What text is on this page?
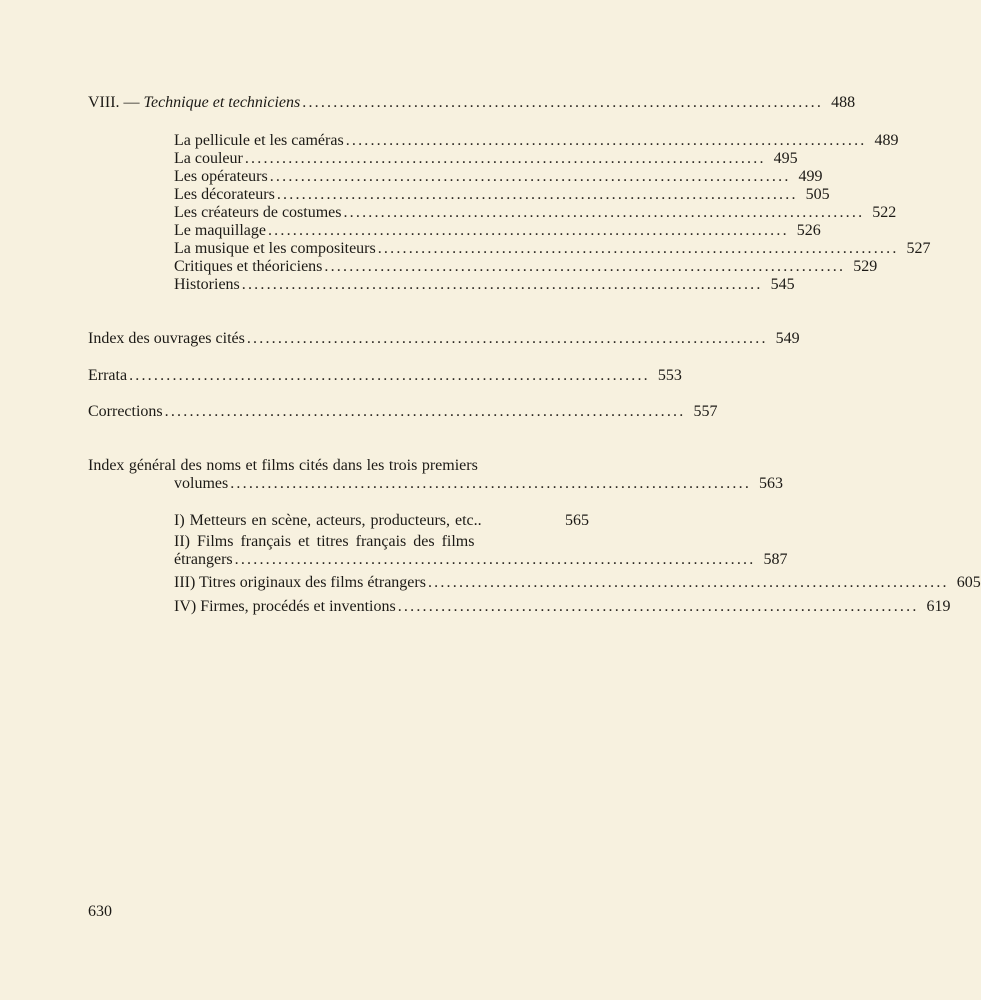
VIII. — Technique et techniciens .................................................................................... 488
La pellicule et les caméras .................................................................................... 489
La couleur .................................................................................... 495
Les opérateurs .................................................................................... 499
Les décorateurs .................................................................................... 505
Les créateurs de costumes .................................................................................... 522
Le maquillage .................................................................................... 526
La musique et les compositeurs .................................................................................... 527
Critiques et théoriciens .................................................................................... 529
Historiens .................................................................................... 545
Index des ouvrages cités .................................................................................... 549
Errata .................................................................................... 553
Corrections .................................................................................... 557
Index général des noms et films cités dans les trois premiers
volumes .................................................................................... 563
I) Metteurs en scène, acteurs, producteurs, etc..	565
II) Films français et titres français des films
étrangers .................................................................................... 587
III) Titres originaux des films étrangers .................................................................................... 605
IV) Firmes, procédés et inventions .................................................................................... 619
630
